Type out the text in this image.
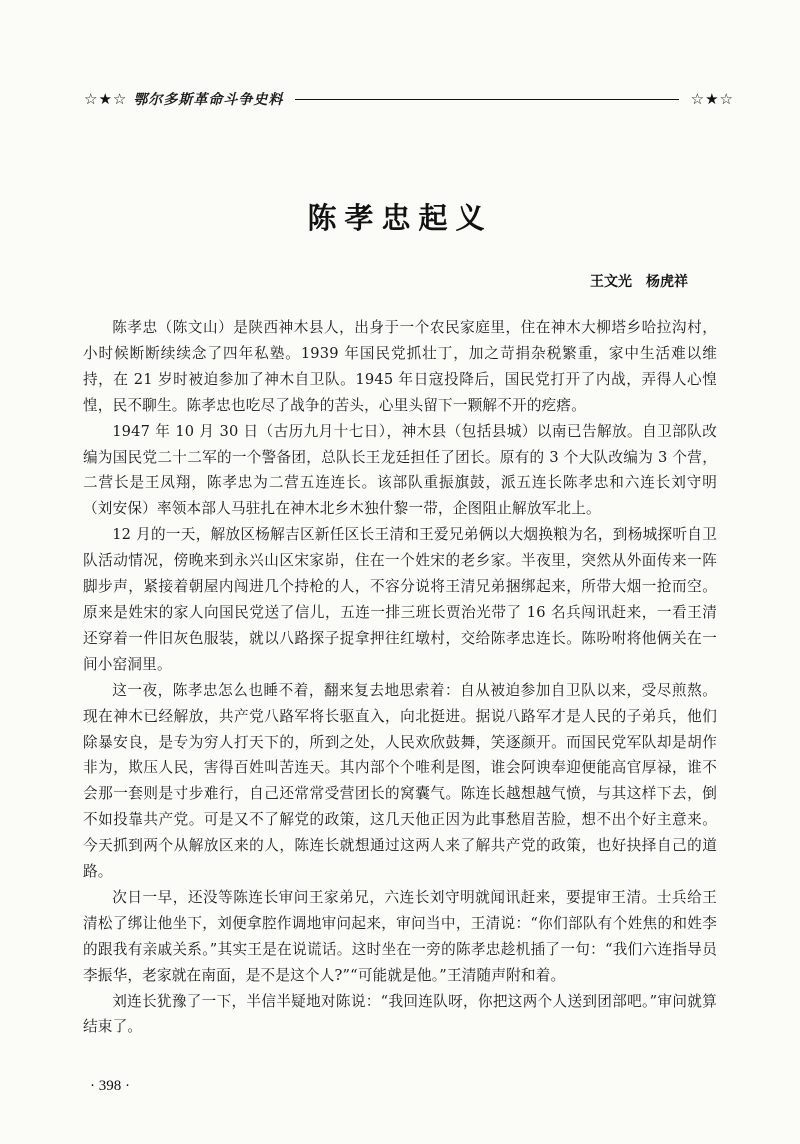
☆★☆ 鄂尔多斯革命斗争史料	☆★☆
陈孝忠起义
王文光 杨虎祥

陈孝忠（陈文山）是陕西神木县人，出身于一个农民家庭里，住在神木大柳塔乡哈拉沟村，小时候断断续续念了四年私塾。1939 年国民党抓壮丁，加之苛捐杂税繁重，家中生活难以维持，在 21 岁时被迫参加了神木自卫队。1945 年日寇投降后，国民党打开了内战，弄得人心惶惶，民不聊生。陈孝忠也吃尽了战争的苦头，心里头留下一颗解不开的疙瘩。

1947 年 10 月 30 日（古历九月十七日），神木县（包括县城）以南已告解放。自卫部队改编为国民党二十二军的一个警备团，总队长王龙廷担任了团长。原有的 3 个大队改编为 3 个营，二营长是王凤翔，陈孝忠为二营五连连长。该部队重振旗鼓，派五连长陈孝忠和六连长刘守明（刘安保）率领本部人马驻扎在神木北乡木独什黎一带，企图阻止解放军北上。

12 月的一天，解放区杨解吉区新任区长王清和王爱兄弟俩以大烟换粮为名，到杨城探听自卫队活动情况，傍晚来到永兴山区宋家峁，住在一个姓宋的老乡家。半夜里，突然从外面传来一阵脚步声，紧接着朝屋内闯进几个持枪的人，不容分说将王清兄弟捆绑起来，所带大烟一抢而空。原来是姓宋的家人向国民党送了信儿，五连一排三班长贾治光带了 16 名兵闯讯赶来，一看王清还穿着一件旧灰色服装，就以八路探子捉拿押往红墩村，交给陈孝忠连长。陈吩咐将他俩关在一间小窑洞里。

这一夜，陈孝忠怎么也睡不着，翻来复去地思索着：自从被迫参加自卫队以来，受尽煎熬。现在神木已经解放，共产党八路军将长驱直入，向北挺进。据说八路军才是人民的子弟兵，他们除暴安良，是专为穷人打天下的，所到之处，人民欢欣鼓舞，笑逐颜开。而国民党军队却是胡作非为，欺压人民，害得百姓叫苦连天。其内部个个唯利是图，谁会阿谀奉迎便能高官厚禄，谁不会那一套则是寸步难行，自己还常常受营团长的窝囊气。陈连长越想越气愤，与其这样下去，倒不如投靠共产党。可是又不了解党的政策，这几天他正因为此事愁眉苦脸，想不出个好主意来。今天抓到两个从解放区来的人，陈连长就想通过这两人来了解共产党的政策，也好抉择自己的道路。

次日一早，还没等陈连长审问王家弟兄，六连长刘守明就闻讯赶来，要提审王清。士兵给王清松了绑让他坐下，刘便拿腔作调地审问起来，审问当中，王清说：“你们部队有个姓焦的和姓李的跟我有亲戚关系。”其实王是在说谎话。这时坐在一旁的陈孝忠趁机插了一句：“我们六连指导员李振华，老家就在南面，是不是这个人?”“可能就是他。”王清随声附和着。

刘连长犹豫了一下，半信半疑地对陈说：“我回连队呀，你把这两个人送到团部吧。”审问就算结束了。

· 398 ·
